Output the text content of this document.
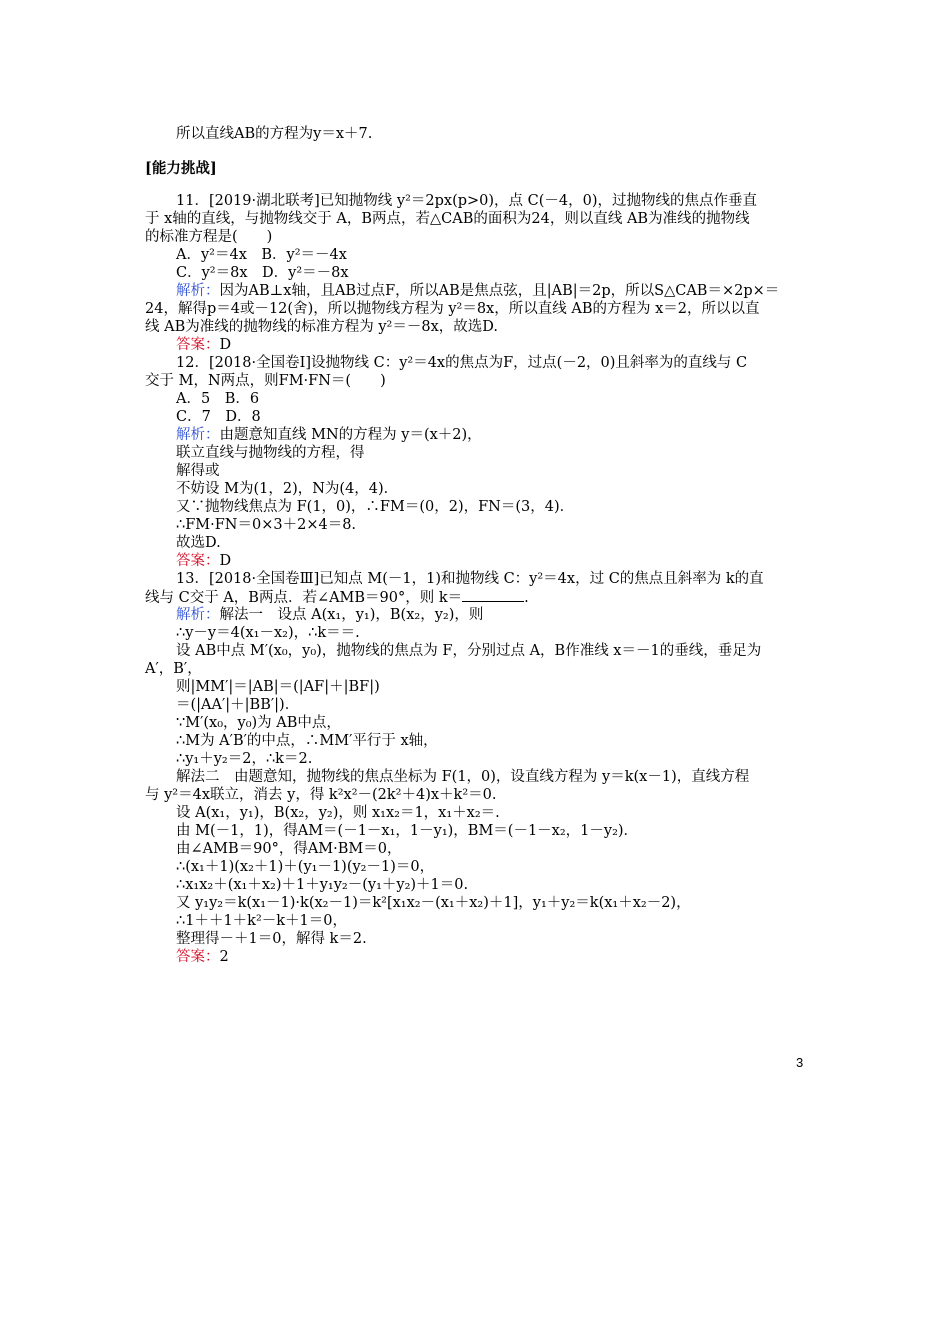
所以直线AB的方程为y＝x＋7.
[能力挑战]
11．[2019·湖北联考]已知抛物线 y²＝2px(p>0)，点 C(－4，0)，过抛物线的焦点作垂直
于 x轴的直线，与抛物线交于 A，B两点，若△CAB的面积为24，则以直线 AB为准线的抛物线
的标准方程是(　　)
A．y²＝4x　B．y²＝－4x
C．y²＝8x　D．y²＝－8x
解析：因为AB⊥x轴，且AB过点F，所以AB是焦点弦，且|AB|＝2p，所以S△CAB＝×2p×＝
24，解得p＝4或－12(舍)，所以抛物线方程为 y²＝8x，所以直线 AB的方程为 x＝2，所以以直
线 AB为准线的抛物线的标准方程为 y²＝－8x，故选D.
答案：D
12．[2018·全国卷Ⅰ]设抛物线 C：y²＝4x的焦点为F，过点(－2，0)且斜率为的直线与 C
交于 M，N两点，则FM·FN＝(　　)
A．5　B．6
C．7　D．8
解析：由题意知直线 MN的方程为 y＝(x＋2)，
联立直线与抛物线的方程，得
解得或
不妨设 M为(1，2)，N为(4，4)．
又∵抛物线焦点为 F(1，0)，∴FM＝(0，2)，FN＝(3，4)．
∴FM·FN＝0×3＋2×4＝8.
故选D.
答案：D
13．[2018·全国卷Ⅲ]已知点 M(－1，1)和抛物线 C：y²＝4x，过 C的焦点且斜率为 k的直
线与 C交于 A，B两点．若∠AMB＝90°，则 k＝	.
解析：解法一　设点 A(x₁，y₁)，B(x₂，y₂)，则
∴y－y＝4(x₁－x₂)，∴k＝＝.
设 AB中点 M′(x₀，y₀)，抛物线的焦点为 F，分别过点 A，B作准线 x＝－1的垂线，垂足为
A′，B′，
则|MM′|＝|AB|＝(|AF|＋|BF|)
＝(|AA′|＋|BB′|)．
∵M′(x₀，y₀)为 AB中点，
∴M为 A′B′的中点，∴MM′平行于 x轴，
∴y₁＋y₂＝2，∴k＝2.
解法二　由题意知，抛物线的焦点坐标为 F(1，0)，设直线方程为 y＝k(x－1)，直线方程
与 y²＝4x联立，消去 y，得 k²x²－(2k²＋4)x＋k²＝0.
设 A(x₁，y₁)，B(x₂，y₂)，则 x₁x₂＝1，x₁＋x₂＝.
由 M(－1，1)，得AM＝(－1－x₁，1－y₁)，BM＝(－1－x₂，1－y₂)．
由∠AMB＝90°，得AM·BM＝0，
∴(x₁＋1)(x₂＋1)＋(y₁－1)(y₂－1)＝0，
∴x₁x₂＋(x₁＋x₂)＋1＋y₁y₂－(y₁＋y₂)＋1＝0.
又 y₁y₂＝k(x₁－1)·k(x₂－1)＝k²[x₁x₂－(x₁＋x₂)＋1]，y₁＋y₂＝k(x₁＋x₂－2)，
∴1＋＋1＋k²－k＋1＝0，
整理得－＋1＝0，解得 k＝2.
答案：2
3
